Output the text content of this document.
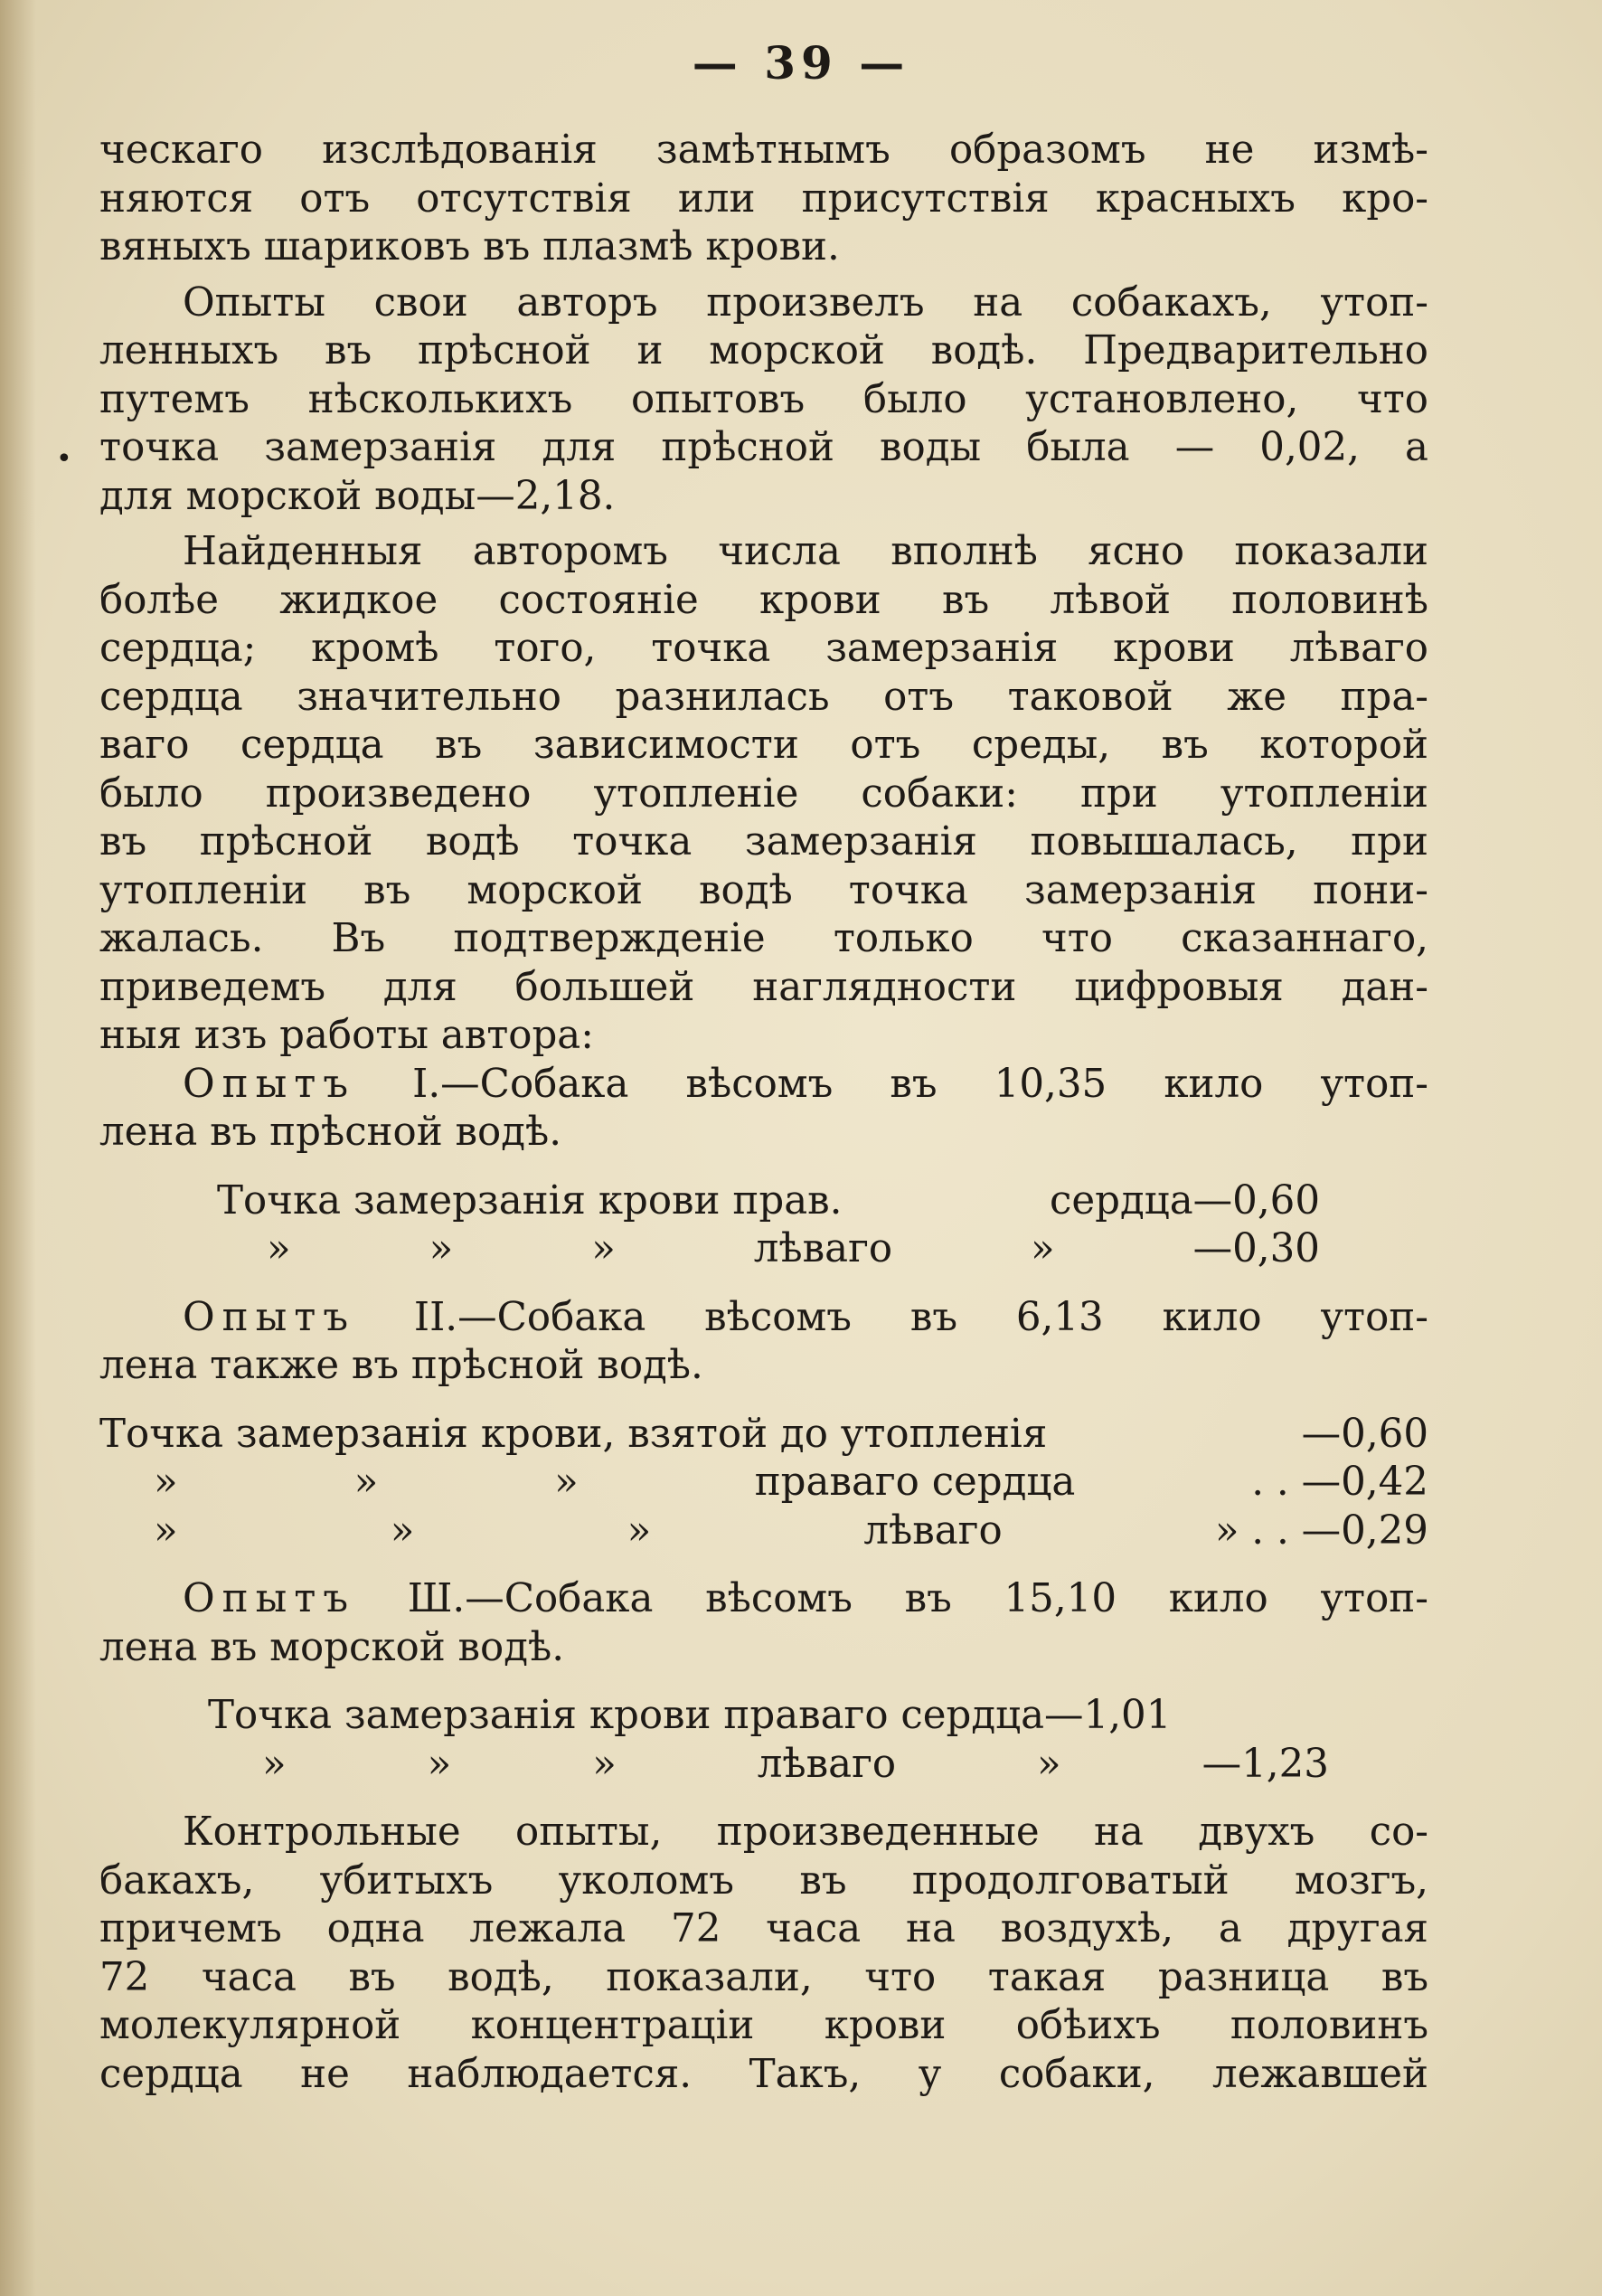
•
— 39 —

ческаго изслѣдованія замѣтнымъ образомъ не измѣ-
няются отъ отсутствія или присутствія красныхъ кро-
вяныхъ шариковъ въ плазмѣ крови.

Опыты свои авторъ произвелъ на собакахъ, утоп-
ленныхъ въ прѣсной и морской водѣ. Предварительно
путемъ нѣсколькихъ опытовъ было установлено, что
точка замерзанія для прѣсной воды была — 0,02, а
для морской воды—2,18.

Найденныя авторомъ числа вполнѣ ясно показали
болѣе жидкое состояніе крови въ лѣвой половинѣ
сердца; кромѣ того, точка замерзанія крови лѣваго
сердца значительно разнилась отъ таковой же пра-
ваго сердца въ зависимости отъ среды, въ которой
было произведено утопленіе собаки: при утопленіи
въ прѣсной водѣ точка замерзанія повышалась, при
утопленіи въ морской водѣ точка замерзанія пони-
жалась. Въ подтвержденіе только что сказаннаго,
приведемъ для большей наглядности цифровыя дан-
ныя изъ работы автора:

Опытъ I.—Собака вѣсомъ въ 10,35 кило утоп-
лена въ прѣсной водѣ.

Точка замерзанія крови прав.	сердца—0,60
»	»	»	лѣваго	»	—0,30

Опытъ II.—Собака вѣсомъ въ 6,13 кило утоп-
лена также въ прѣсной водѣ.

Точка замерзанія крови, взятой до утопленія	—0,60
»	»	»	праваго сердца	. . —0,42
»	»	»	лѣваго	» . . —0,29

Опытъ Ш.—Собака вѣсомъ въ 15,10 кило утоп-
лена въ морской водѣ.

Точка замерзанія крови праваго сердца—1,01
»	»	»	лѣваго	»	—1,23

Контрольные опыты, произведенные на двухъ со-
бакахъ, убитыхъ уколомъ въ продолговатый мозгъ,
причемъ одна лежала 72 часа на воздухѣ, а другая
72 часа въ водѣ, показали, что такая разница въ
молекулярной концентраціи крови обѣихъ половинъ
сердца не наблюдается. Такъ, у собаки, лежавшей
